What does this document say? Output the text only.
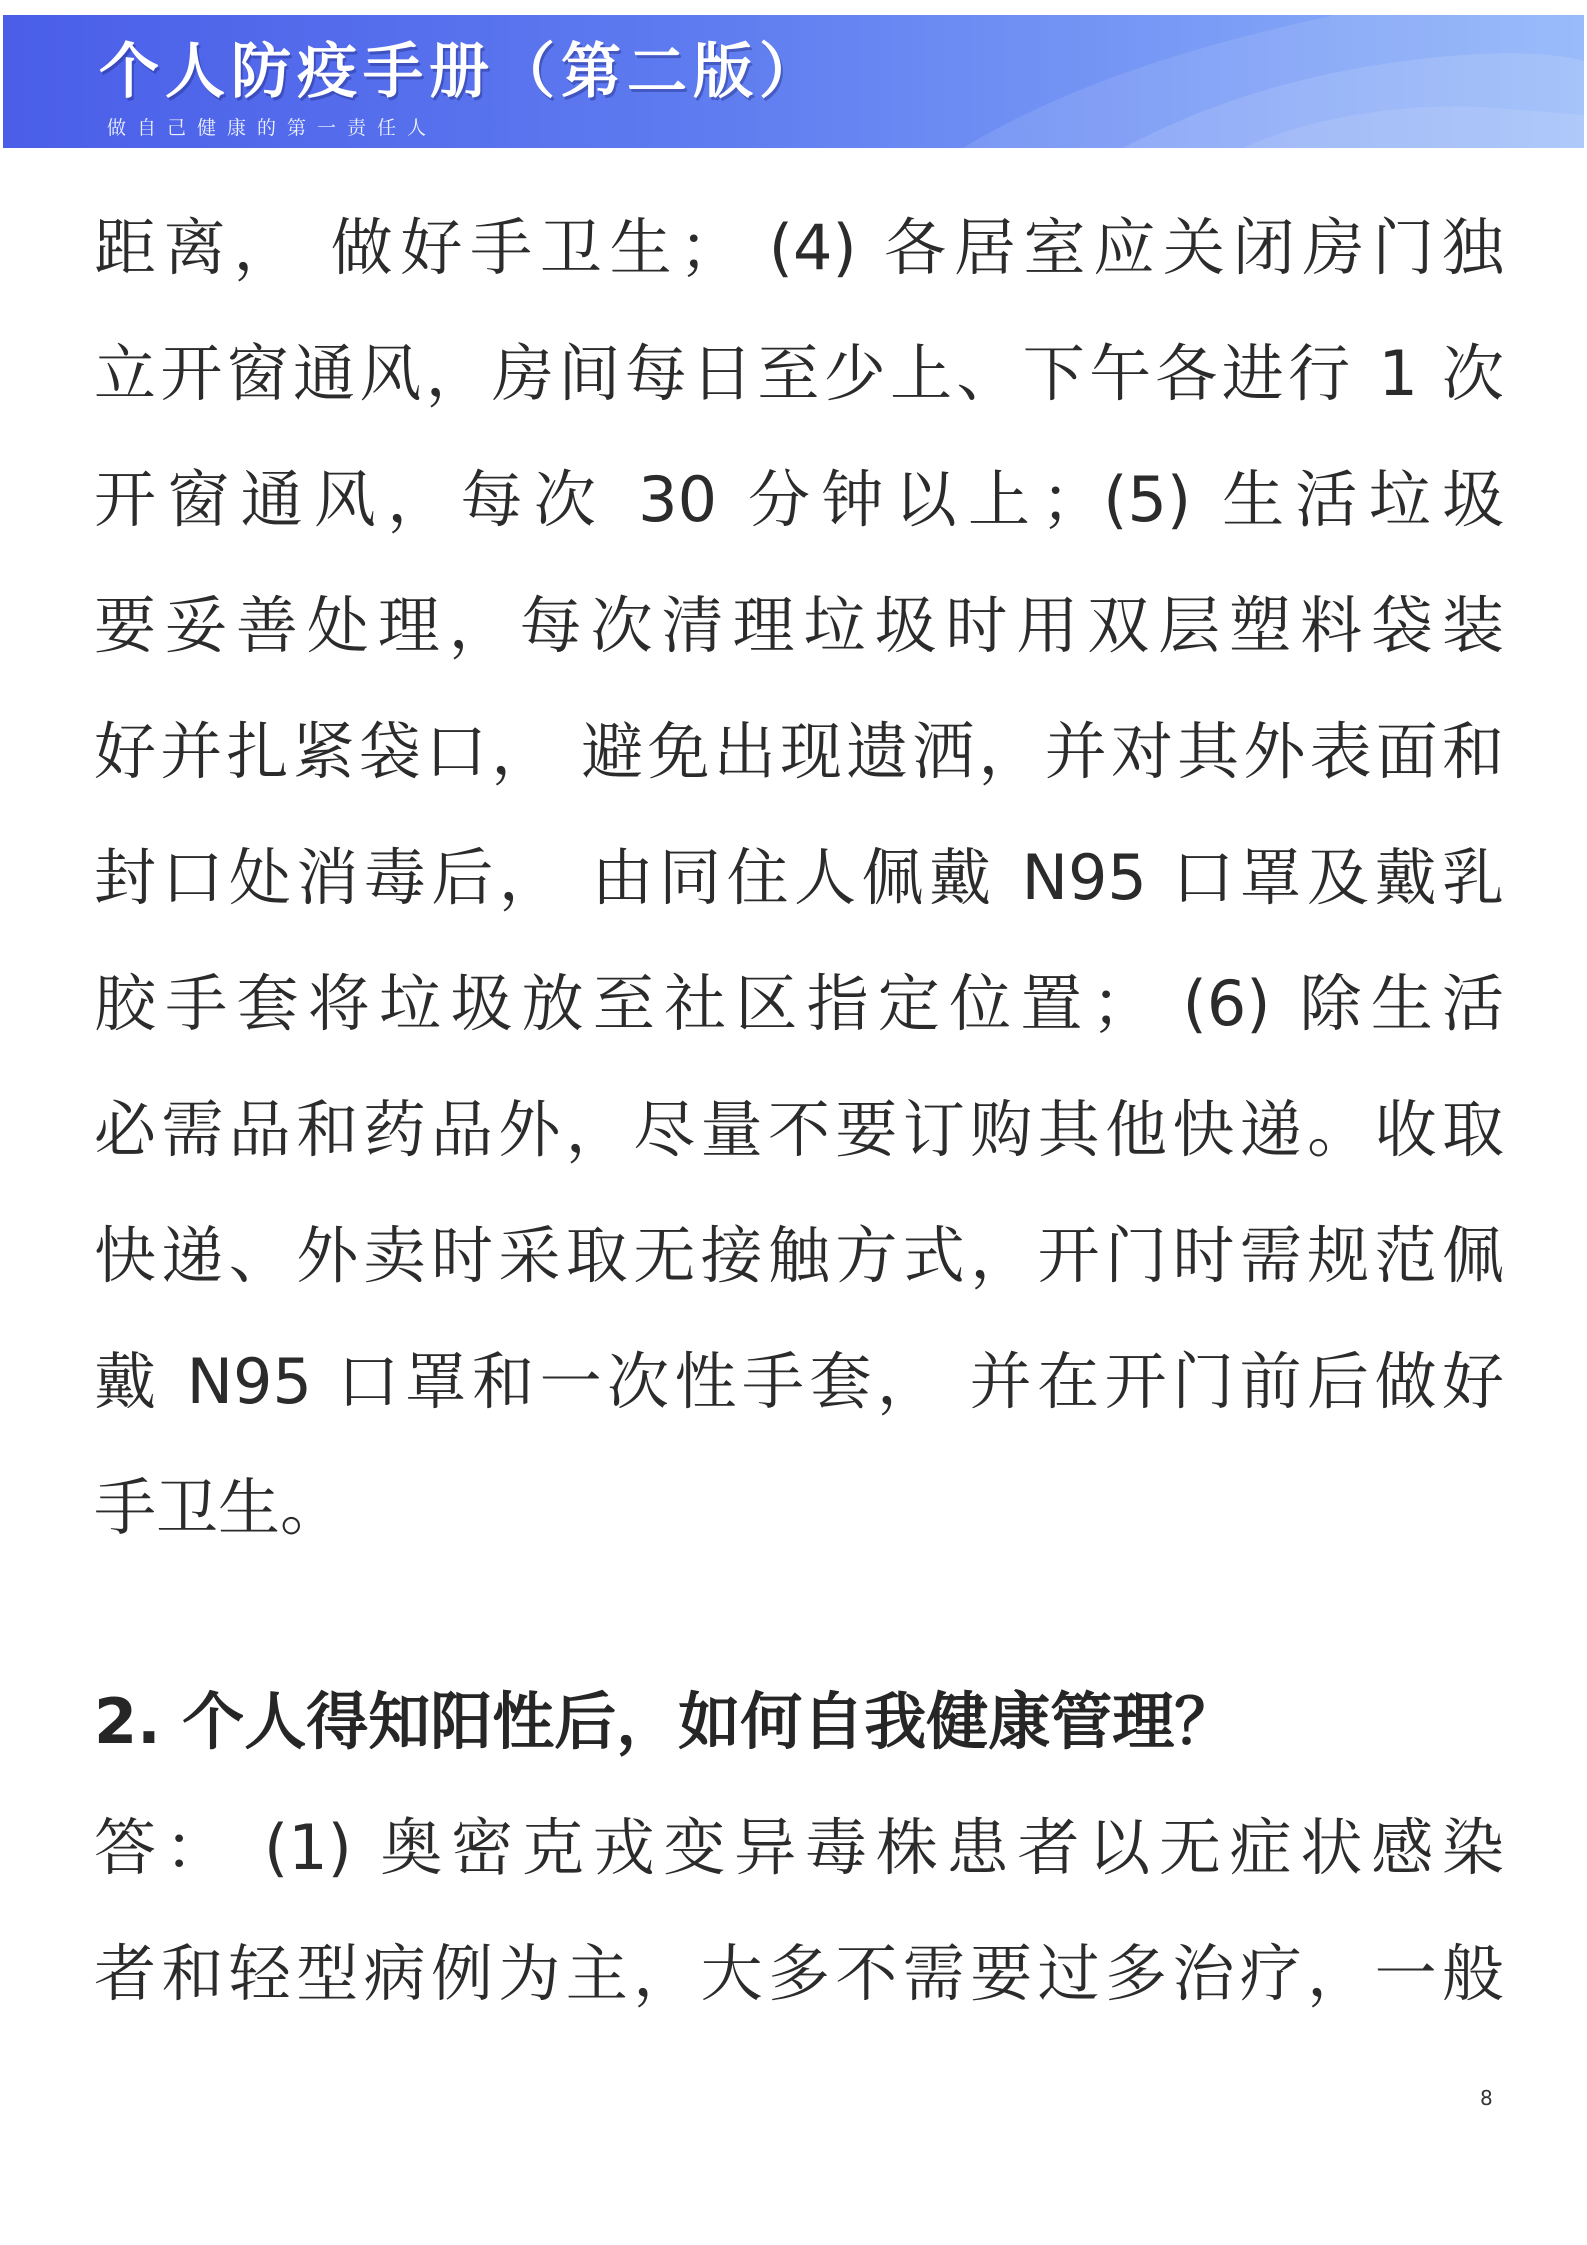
个人防疫手册（第二版）
做自己健康的第一责任人
距离， 做好手卫生； (4) 各居室应关闭房门独
立开窗通风，房间每日至少上、下午各进行 1 次
开窗通风，每次 30 分钟以上；(5) 生活垃圾
要妥善处理，每次清理垃圾时用双层塑料袋装
好并扎紧袋口， 避免出现遗洒，并对其外表面和
封口处消毒后， 由同住人佩戴 N95 口罩及戴乳
胶手套将垃圾放至社区指定位置； (6) 除生活
必需品和药品外，尽量不要订购其他快递。收取
快递、外卖时采取无接触方式，开门时需规范佩
戴 N95 口罩和一次性手套， 并在开门前后做好
手卫生。
2. 个人得知阳性后，如何自我健康管理？
答： (1) 奥密克戎变异毒株患者以无症状感染
者和轻型病例为主，大多不需要过多治疗，一般
8
